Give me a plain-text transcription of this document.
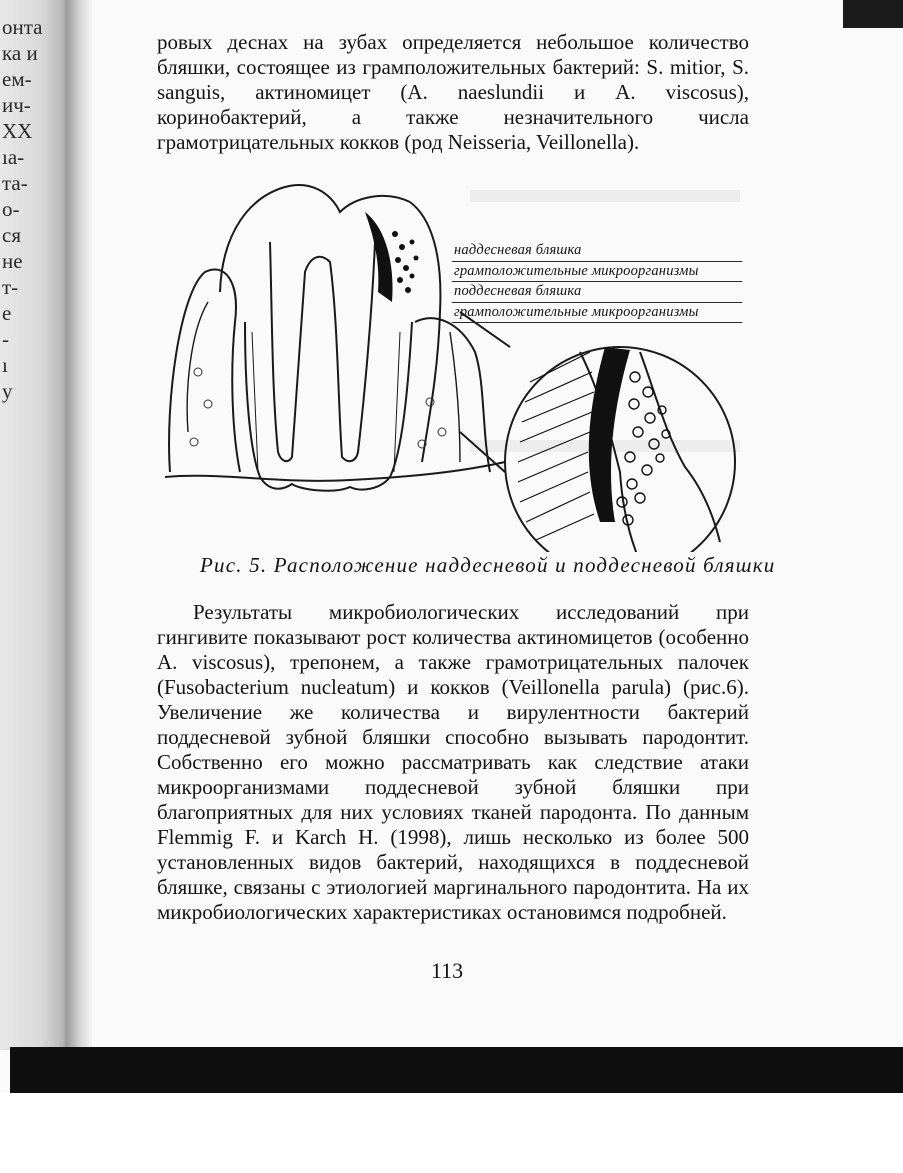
онта
ка и
ем-
ич-
XX
ıа-
та-
о-
ся
не
т-
е
-
ı
у

ровых деснах на зубах определяется небольшое количество бляшки, состоящее из грамположительных бактерий: S. mitior, S. sanguis, актиномицет (A. naeslundii и A. viscosus), коринобактерий, а также незначительного числа грамотрицательных кокков (род Neisseria, Veillonella).

наддесневая бляшка
грамположительные микроорганизмы
поддесневая бляшка
грамположительные микроорганизмы
Рис. 5. Расположение наддесневой и поддесневой бляшки

Результаты микробиологических исследований при гингивите показывают рост количества актиномицетов (особенно A. viscosus), трепонем, а также грамотрицательных палочек (Fusobacterium nucleatum) и кокков (Veillonella parula) (рис.6). Увеличение же количества и вирулентности бактерий поддесневой зубной бляшки способно вызывать пародонтит. Собственно его можно рассматривать как следствие атаки микроорганизмами поддесневой зубной бляшки при благоприятных для них условиях тканей пародонта. По данным Flemmig F. и Karch H. (1998), лишь несколько из более 500 установленных видов бактерий, находящихся в поддесневой бляшке, связаны с этиологией маргинального пародонтита. На их микробиологических характеристиках остановимся подробней.

113
